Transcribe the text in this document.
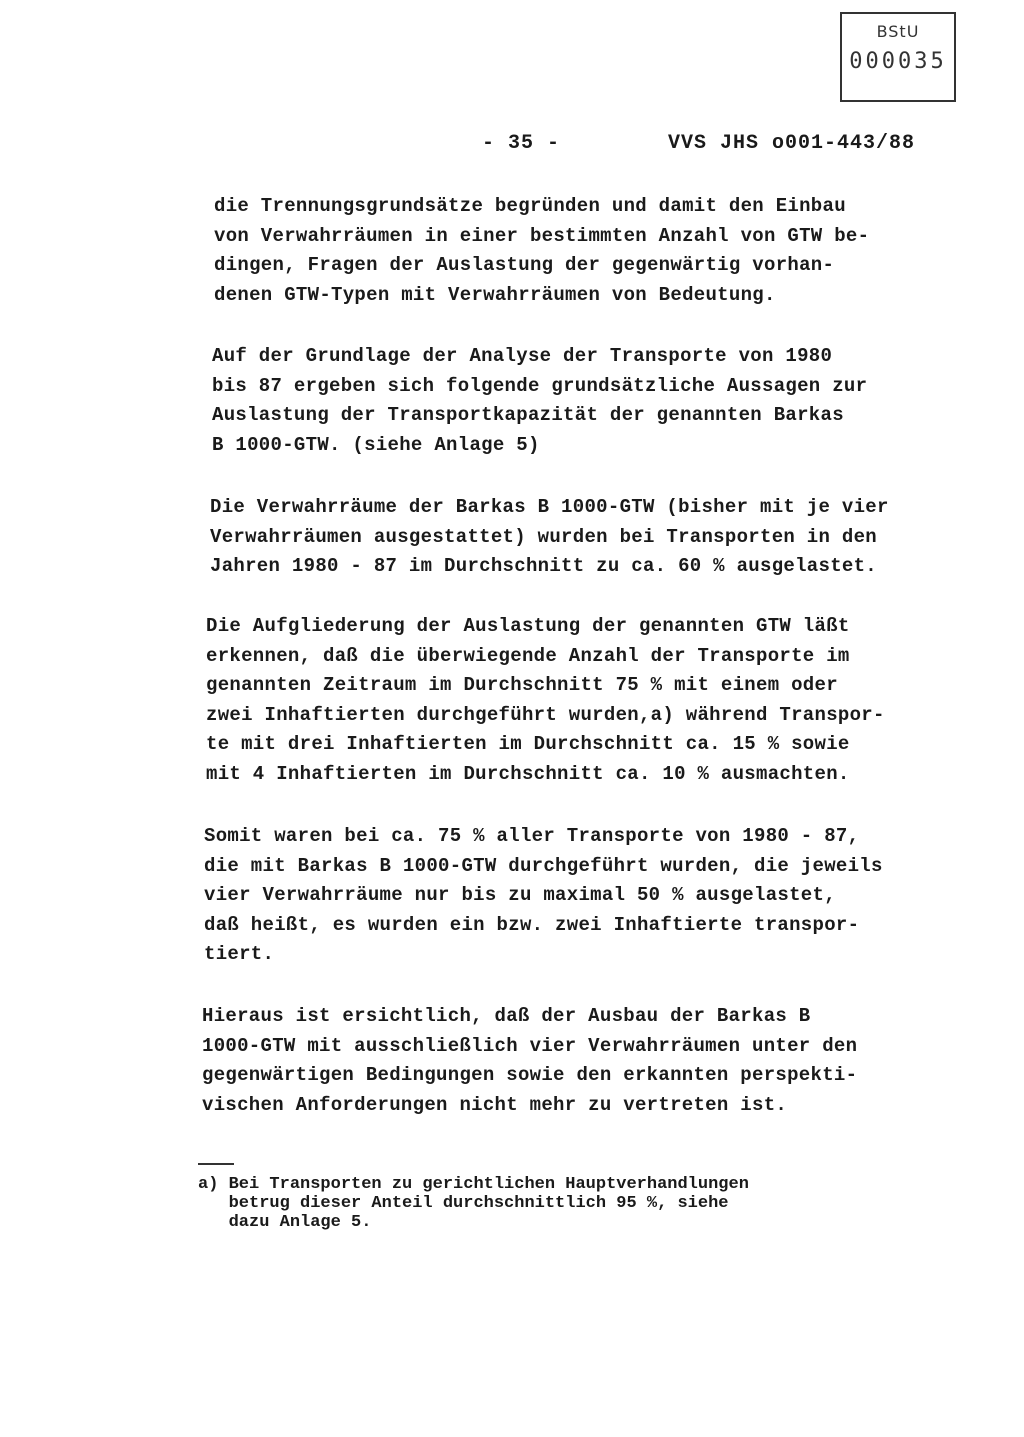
BStU
000035
- 35 -	VVS JHS o001-443/88

die Trennungsgrundsätze begründen und damit den Einbau
von Verwahrräumen in einer bestimmten Anzahl von GTW be-
dingen, Fragen der Auslastung der gegenwärtig vorhan-
denen GTW-Typen mit Verwahrräumen von Bedeutung.

Auf der Grundlage der Analyse der Transporte von 1980
bis 87 ergeben sich folgende grundsätzliche Aussagen zur
Auslastung der Transportkapazität der genannten Barkas
B 1000-GTW. (siehe Anlage 5)

Die Verwahrräume der Barkas B 1000-GTW (bisher mit je vier
Verwahrräumen ausgestattet) wurden bei Transporten in den
Jahren 1980 - 87 im Durchschnitt zu ca. 60 % ausgelastet.

Die Aufgliederung der Auslastung der genannten GTW läßt
erkennen, daß die überwiegende Anzahl der Transporte im
genannten Zeitraum im Durchschnitt 75 % mit einem oder
zwei Inhaftierten durchgeführt wurden,a) während Transpor-
te mit drei Inhaftierten im Durchschnitt ca. 15 % sowie
mit 4 Inhaftierten im Durchschnitt ca. 10 % ausmachten.

Somit waren bei ca. 75 % aller Transporte von 1980 - 87,
die mit Barkas B 1000-GTW durchgeführt wurden, die jeweils
vier Verwahrräume nur bis zu maximal 50 % ausgelastet,
daß heißt, es wurden ein bzw. zwei Inhaftierte transpor-
tiert.

Hieraus ist ersichtlich, daß der Ausbau der Barkas B
1000-GTW mit ausschließlich vier Verwahrräumen unter den
gegenwärtigen Bedingungen sowie den erkannten perspekti-
vischen Anforderungen nicht mehr zu vertreten ist.

a) Bei Transporten zu gerichtlichen Hauptverhandlungen
betrug dieser Anteil durchschnittlich 95 %, siehe
dazu Anlage 5.
